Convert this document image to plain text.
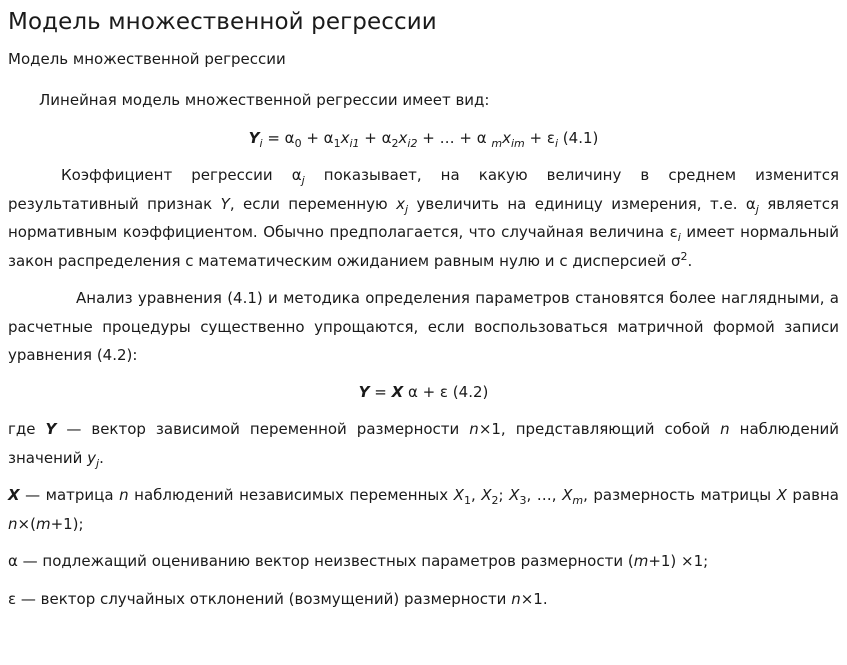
Модель множественной регрессии
Модель множественной регрессии

Линейная модель множественной регрессии имеет вид:

$Y_i = \alpha_0 + \alpha_1x_{i1} + \alpha_2x_{i2}$ + … + α $_mx_{im} + \varepsilon_i$ (4.1)

Коэффициент регрессии $\alpha_j$ показывает, на какую величину в среднем изменится результативный признак Y, если переменную $x_j$ увеличить на единицу измерения, т.е. $\alpha_j$ является нормативным коэффициентом. Обычно предполагается, что случайная величина $\varepsilon_i$ имеет нормальный закон распределения с математическим ожиданием равным нулю и с дисперсией $\sigma^2$.

Анализ уравнения (4.1) и методика определения параметров становятся более наглядными, а расчетные процедуры существенно упрощаются, если воспользоваться матричной формой записи уравнения (4.2):

Y = X α + ε (4.2)

где Y — вектор зависимой переменной размерности n×1, представляющий собой n наблюдений значений $y_j$.

X — матрица n наблюдений независимых переменных $X_1$, $X_2$; $X_3$, …, $X_m$, размерность матрицы X равна n×(m+1);

α — подлежащий оцениванию вектор неизвестных параметров размерности (m+1) ×1;

ε — вектор случайных отклонений (возмущений) размерности n×1.
